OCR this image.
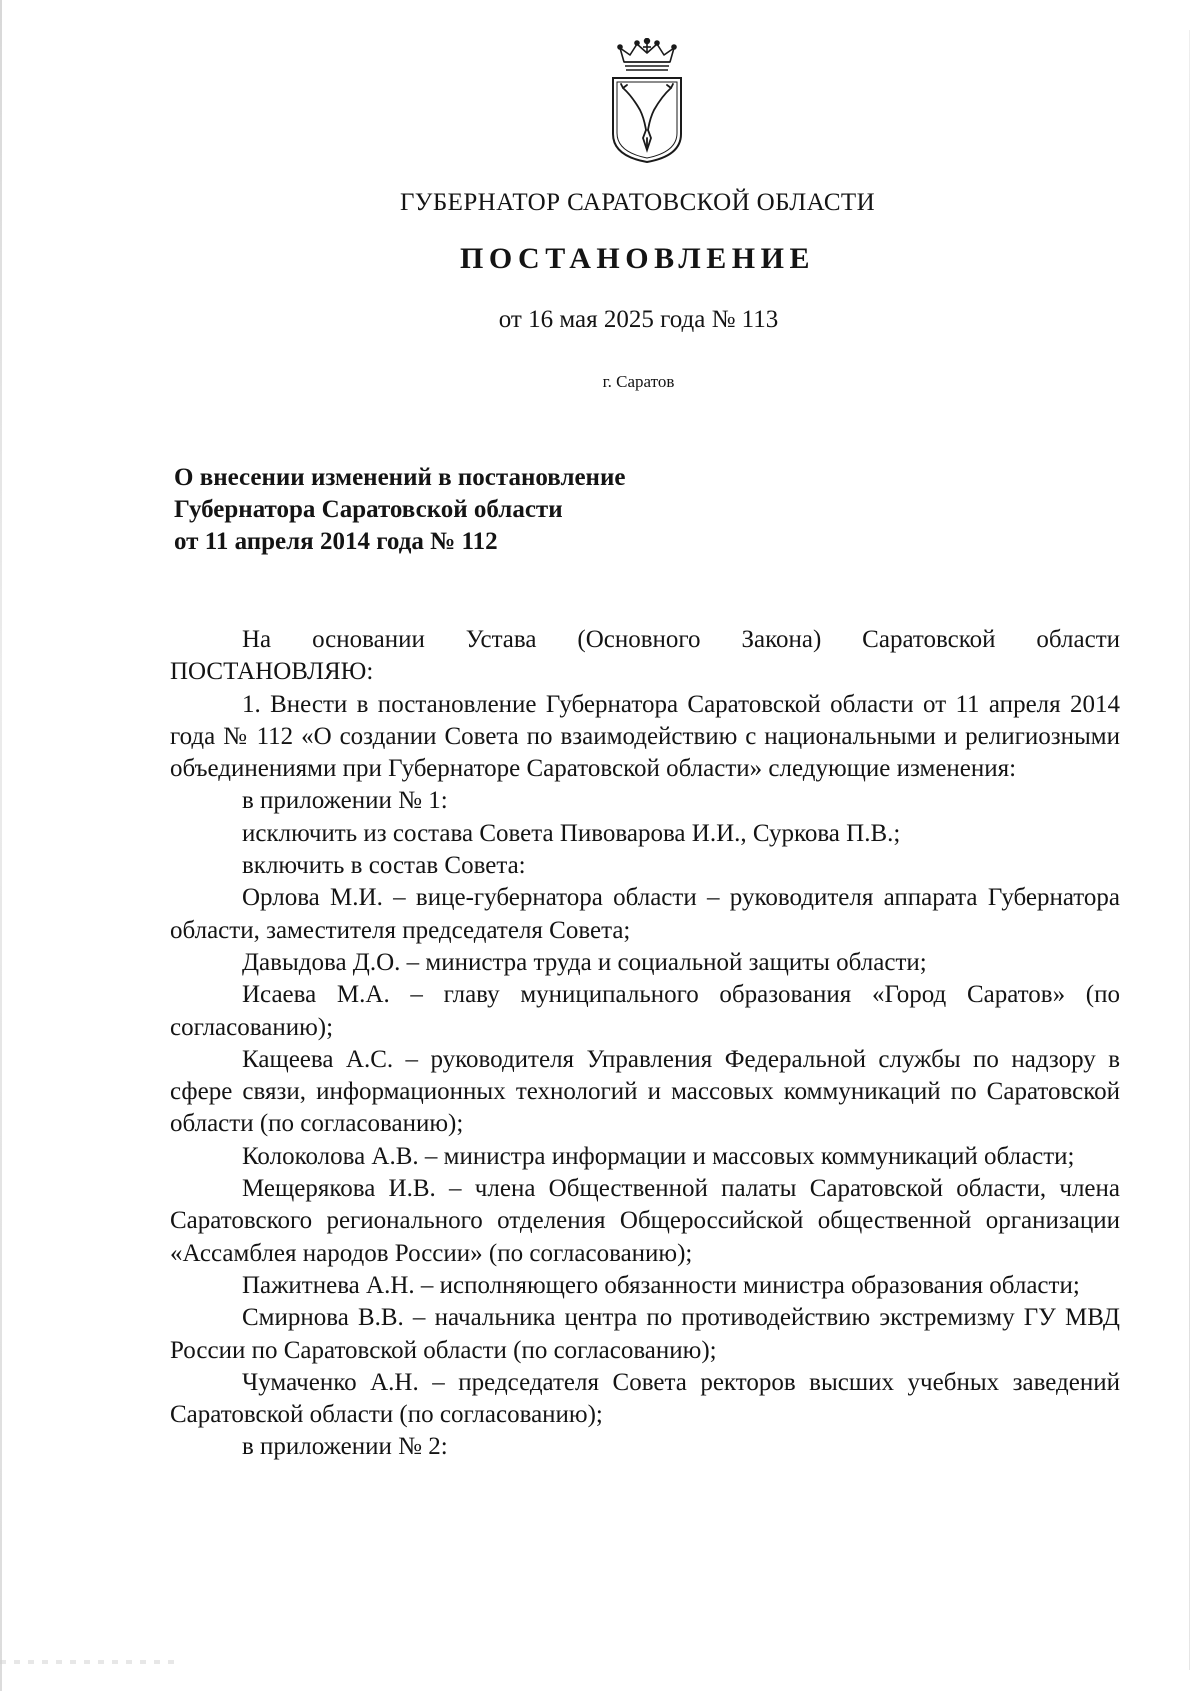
ГУБЕРНАТОР САРАТОВСКОЙ ОБЛАСТИ
ПОСТАНОВЛЕНИЕ
от 16 мая 2025 года № 113
г. Саратов
О внесении изменений в постановление
Губернатора Саратовской области
от 11 апреля 2014 года № 112

На основании Устава (Основного Закона) Саратовской области ПОСТАНОВЛЯЮ:

1. Внести в постановление Губернатора Саратовской области от 11 апреля 2014 года № 112 «О создании Совета по взаимодействию с национальными и религиозными объединениями при Губернаторе Саратовской области» следующие изменения:

в приложении № 1:

исключить из состава Совета Пивоварова И.И., Суркова П.В.;

включить в состав Совета:

Орлова М.И. – вице-губернатора области – руководителя аппарата Губернатора области, заместителя председателя Совета;

Давыдова Д.О. – министра труда и социальной защиты области;

Исаева М.А. – главу муниципального образования «Город Саратов» (по согласованию);

Кащеева А.С. – руководителя Управления Федеральной службы по надзору в сфере связи, информационных технологий и массовых коммуникаций по Саратовской области (по согласованию);

Колоколова А.В. – министра информации и массовых коммуникаций области;

Мещерякова И.В. – члена Общественной палаты Саратовской области, члена Саратовского регионального отделения Общероссийской общественной организации «Ассамблея народов России» (по согласованию);

Пажитнева А.Н. – исполняющего обязанности министра образования области;

Смирнова В.В. – начальника центра по противодействию экстремизму ГУ МВД России по Саратовской области (по согласованию);

Чумаченко А.Н. – председателя Совета ректоров высших учебных заведений Саратовской области (по согласованию);

в приложении № 2:
